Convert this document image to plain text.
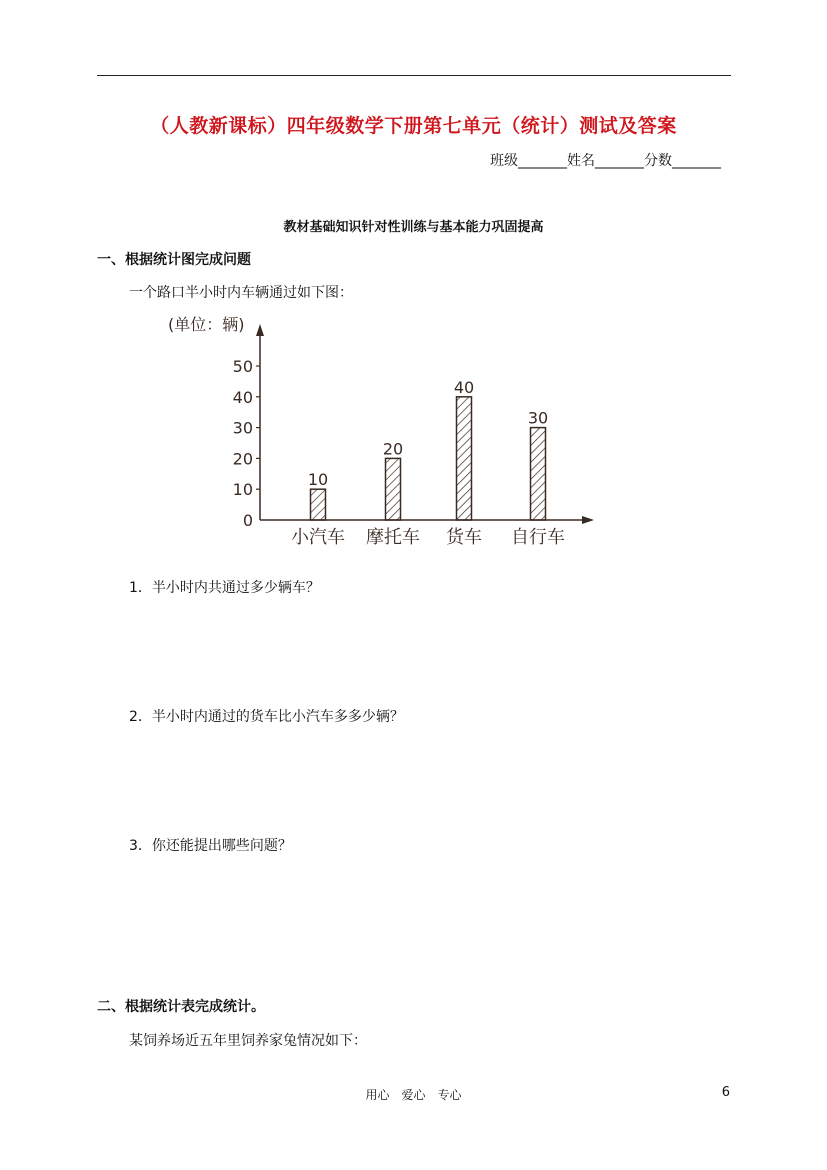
（人教新课标）四年级数学下册第七单元（统计）测试及答案
班级_______姓名_______分数_______
教材基础知识针对性训练与基本能力巩固提高
一、根据统计图完成问题
一个路口半小时内车辆通过如下图：
(单位：辆)
0
10
20
30
40
50
10
20
40
30
小汽车 摩托车 货车 自行车
1．半小时内共通过多少辆车？
2．半小时内通过的货车比小汽车多多少辆？
3．你还能提出哪些问题？
二、根据统计表完成统计。
某饲养场近五年里饲养家兔情况如下：
用心　爱心　专心	6
